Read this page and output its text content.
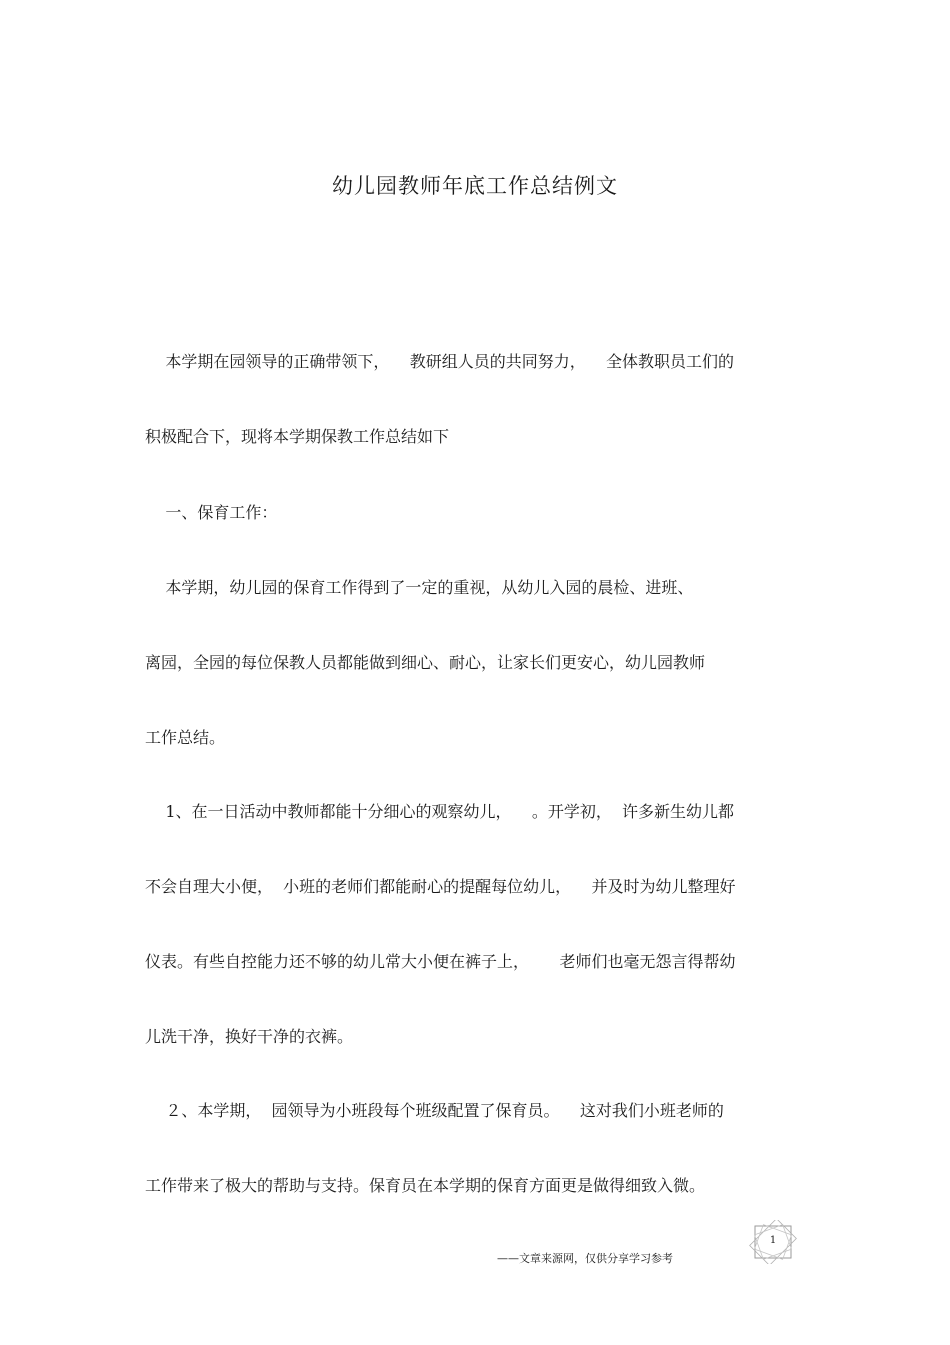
幼儿园教师年底工作总结例文
本学期在园领导的正确带领下，    教研组人员的共同努力，    全体教职员工们的
积极配合下，现将本学期保教工作总结如下
一、保育工作：
本学期，幼儿园的保育工作得到了一定的重视，从幼儿入园的晨检、进班、
离园，全园的每位保教人员都能做到细心、耐心，让家长们更安心，幼儿园教师
工作总结。
1、在一日活动中教师都能十分细心的观察幼儿，    。开学初，  许多新生幼儿都
不会自理大小便，  小班的老师们都能耐心的提醒每位幼儿，    并及时为幼儿整理好
仪表。有些自控能力还不够的幼儿常大小便在裤子上，      老师们也毫无怨言得帮幼
儿洗干净，换好干净的衣裤。
２、本学期，  园领导为小班段每个班级配置了保育员。    这对我们小班老师的
工作带来了极大的帮助与支持。保育员在本学期的保育方面更是做得细致入微。
1
——文章来源网，仅供分享学习参考
